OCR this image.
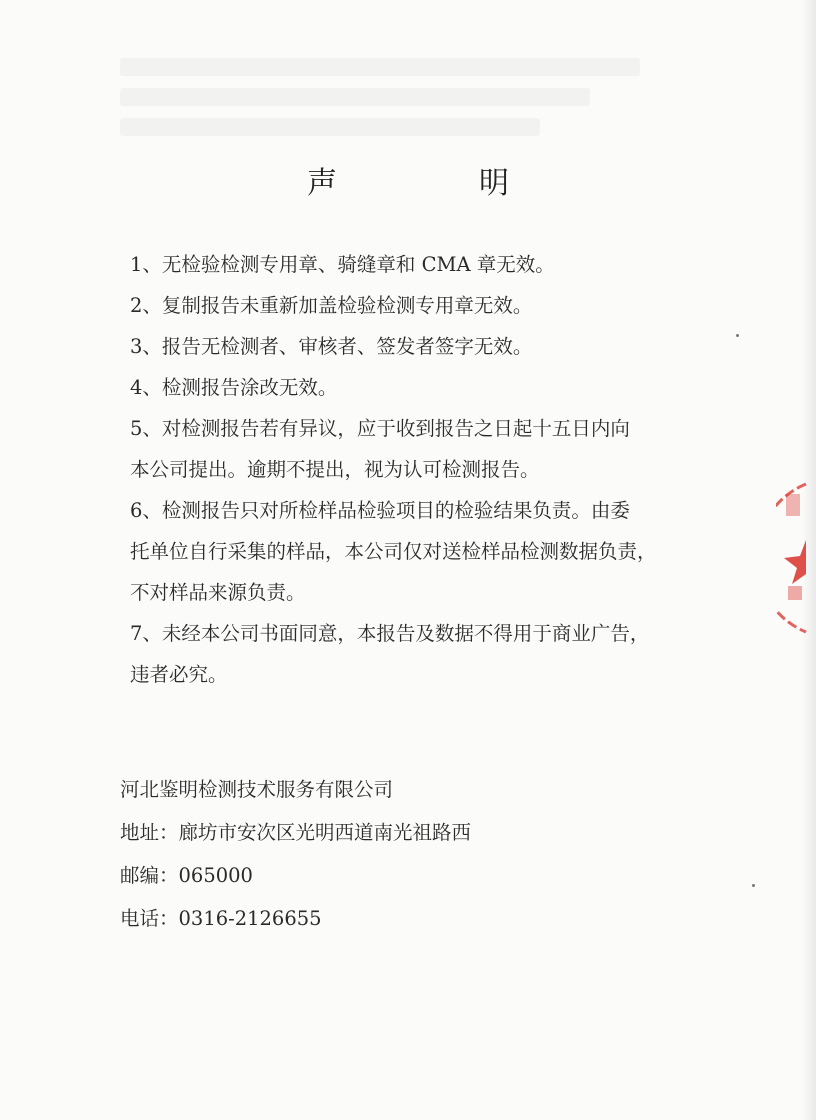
声　明
1、无检验检测专用章、骑缝章和 CMA 章无效。
2、复制报告未重新加盖检验检测专用章无效。
3、报告无检测者、审核者、签发者签字无效。
4、检测报告涂改无效。
5、对检测报告若有异议，应于收到报告之日起十五日内向
本公司提出。逾期不提出，视为认可检测报告。
6、检测报告只对所检样品检验项目的检验结果负责。由委
托单位自行采集的样品，本公司仅对送检样品检测数据负责，
不对样品来源负责。
7、未经本公司书面同意，本报告及数据不得用于商业广告，
违者必究。
河北鉴明检测技术服务有限公司
地址：廊坊市安次区光明西道南光祖路西
邮编：065000
电话：0316-2126655
